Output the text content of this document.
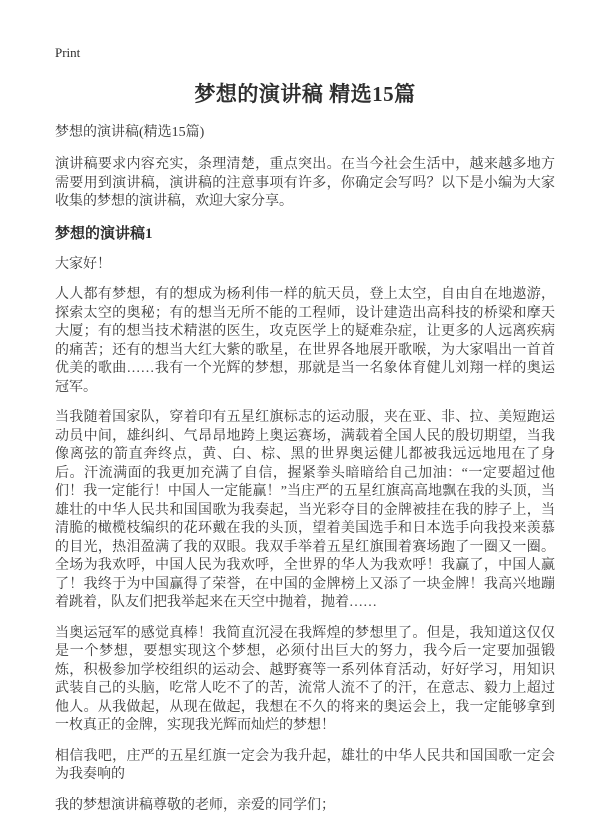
Print
梦想的演讲稿 精选15篇

梦想的演讲稿(精选15篇)

演讲稿要求内容充实，条理清楚，重点突出。在当今社会生活中，越来越多地方需要用到演讲稿，演讲稿的注意事项有许多，你确定会写吗？以下是小编为大家收集的梦想的演讲稿，欢迎大家分享。

梦想的演讲稿1

大家好！

人人都有梦想，有的想成为杨利伟一样的航天员，登上太空，自由自在地遨游，探索太空的奥秘；有的想当无所不能的工程师，设计建造出高科技的桥梁和摩天大厦；有的想当技术精湛的医生，攻克医学上的疑难杂症，让更多的人远离疾病的痛苦；还有的想当大红大紫的歌星，在世界各地展开歌喉，为大家唱出一首首优美的歌曲……我有一个光辉的梦想，那就是当一名象体育健儿刘翔一样的奥运冠军。

当我随着国家队，穿着印有五星红旗标志的运动服，夹在亚、非、拉、美短跑运动员中间，雄纠纠、气昂昂地跨上奥运赛场，满载着全国人民的殷切期望，当我像离弦的箭直奔终点，黄、白、棕、黑的世界奥运健儿都被我远远地甩在了身后。汗流满面的我更加充满了自信，握紧拳头暗暗给自己加油：“一定要超过他们！我一定能行！中国人一定能赢！”当庄严的五星红旗高高地飘在我的头顶，当雄壮的中华人民共和国国歌为我奏起，当光彩夺目的金牌被挂在我的脖子上，当清脆的橄榄枝编织的花环戴在我的头顶，望着美国选手和日本选手向我投来羡慕的目光，热泪盈满了我的双眼。我双手举着五星红旗围着赛场跑了一圈又一圈。全场为我欢呼，中国人民为我欢呼，全世界的华人为我欢呼！我赢了，中国人赢了！我终于为中国赢得了荣誉，在中国的金牌榜上又添了一块金牌！我高兴地蹦着跳着，队友们把我举起来在天空中抛着，抛着……

当奥运冠军的感觉真棒！我简直沉浸在我辉煌的梦想里了。但是，我知道这仅仅是一个梦想，要想实现这个梦想，必须付出巨大的努力，我今后一定要加强锻炼，积极参加学校组织的运动会、越野赛等一系列体育活动，好好学习，用知识武装自己的头脑，吃常人吃不了的苦，流常人流不了的汗，在意志、毅力上超过他人。从我做起，从现在做起，我想在不久的将来的奥运会上，我一定能够拿到一枚真正的金牌，实现我光辉而灿烂的梦想！

相信我吧，庄严的五星红旗一定会为我升起，雄壮的中华人民共和国国歌一定会为我奏响的

我的梦想演讲稿尊敬的老师，亲爱的同学们；
